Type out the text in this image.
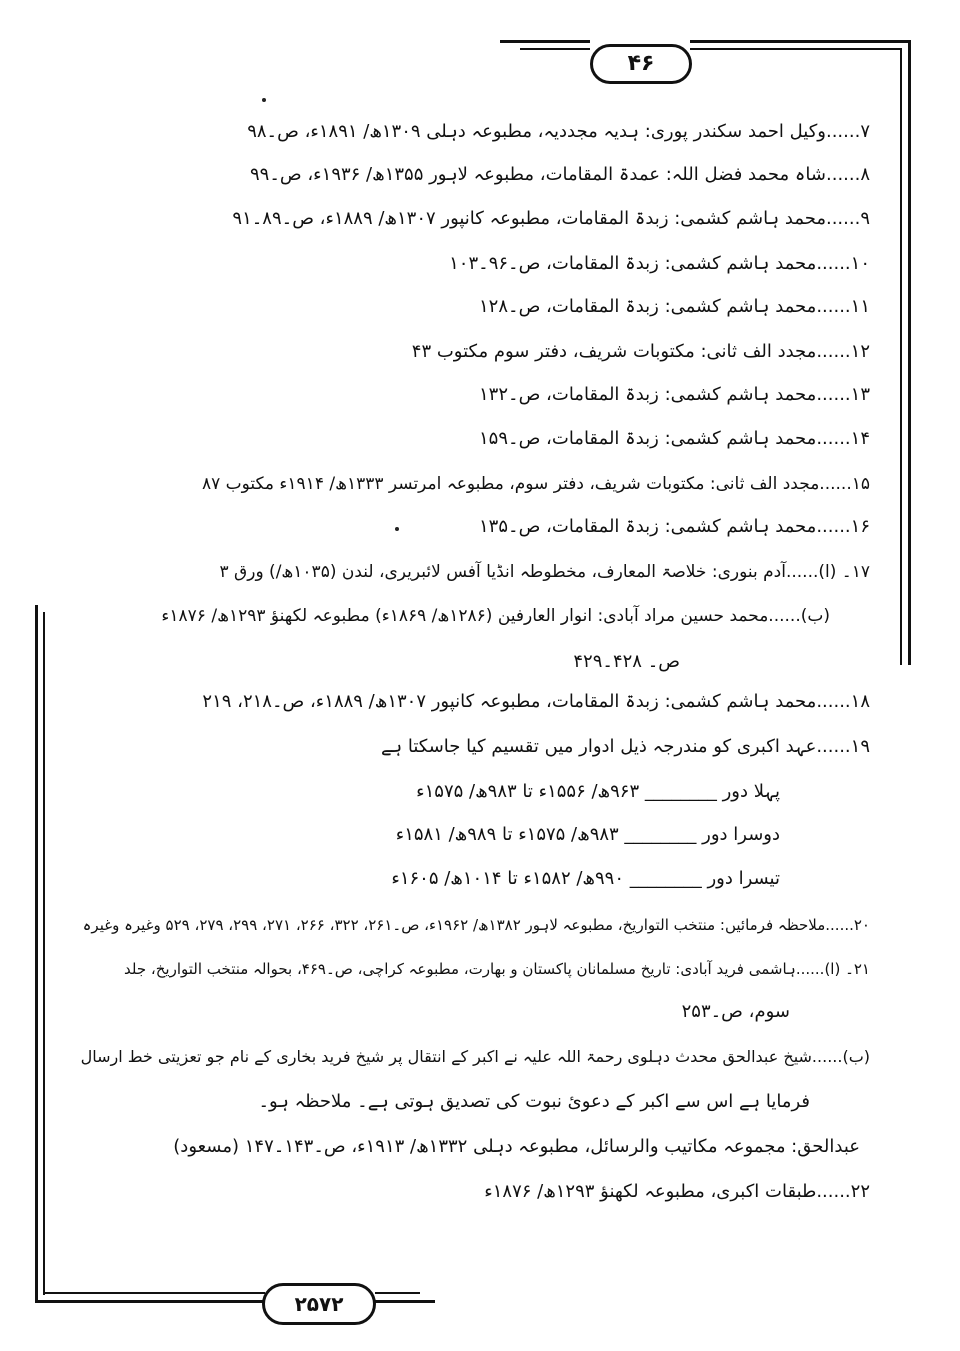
۴۶
۲۵۷۲
۷......وکیل احمد سکندر پوری: ہدیہ مجددیہ، مطبوعہ دہلی ۱۳۰۹ھ/ ۱۸۹۱ء، ص۔۹۸
۸......شاہ محمد فضل اللہ: عمدۃ المقامات، مطبوعہ لاہور ۱۳۵۵ھ/ ۱۹۳۶ء، ص۔۹۹
۹......محمد ہاشم کشمی: زبدۃ المقامات، مطبوعہ کانپور ۱۳۰۷ھ/ ۱۸۸۹ء، ص۔۸۹۔۹۱
۱۰......محمد ہاشم کشمی: زبدۃ المقامات، ص۔۹۶۔۱۰۳
۱۱......محمد ہاشم کشمی: زبدۃ المقامات، ص۔۱۲۸
۱۲......مجدد الف ثانی: مکتوبات شریف، دفتر سوم مکتوب ۴۳
۱۳......محمد ہاشم کشمی: زبدۃ المقامات، ص۔۱۳۲
۱۴......محمد ہاشم کشمی: زبدۃ المقامات، ص۔۱۵۹
۱۵......مجدد الف ثانی: مکتوبات شریف، دفتر سوم، مطبوعہ امرتسر ۱۳۳۳ھ/ ۱۹۱۴ء مکتوب ۸۷
۱۶......محمد ہاشم کشمی: زبدۃ المقامات، ص۔۱۳۵
۱۷۔ (ا)......آدم بنوری: خلاصۃ المعارف، مخطوطہ انڈیا آفس لائبریری، لندن (۱۰۳۵ھ/) ورق ۳
(ب)......محمد حسین مراد آبادی: انوار العارفین (۱۲۸۶ھ/ ۱۸۶۹ء) مطبوعہ لکھنؤ ۱۲۹۳ھ/ ۱۸۷۶ء
ص۔ ۴۲۸۔۴۲۹
۱۸......محمد ہاشم کشمی: زبدۃ المقامات، مطبوعہ کانپور ۱۳۰۷ھ/ ۱۸۸۹ء، ص۔۲۱۸، ۲۱۹
۱۹......عہد اکبری کو مندرجہ ذیل ادوار میں تقسیم کیا جاسکتا ہے
پہلا دور ________ ۹۶۳ھ/ ۱۵۵۶ء تا ۹۸۳ھ/ ۱۵۷۵ء
دوسرا دور ________ ۹۸۳ھ/ ۱۵۷۵ء تا ۹۸۹ھ/ ۱۵۸۱ء
تیسرا دور ________ ۹۹۰ھ/ ۱۵۸۲ء تا ۱۰۱۴ھ/ ۱۶۰۵ء
۲۰......ملاحظہ فرمائیں: منتخب التواریخ، مطبوعہ لاہور ۱۳۸۲ھ/ ۱۹۶۲ء، ص۔۲۶۱، ۳۲۲، ۲۶۶، ۲۷۱، ۲۹۹، ۲۷۹، ۵۲۹ وغیرہ وغیرہ
۲۱۔ (ا)......ہاشمی فرید آبادی: تاریخ مسلمانان پاکستان و بھارت، مطبوعہ کراچی، ص۔۴۶۹، بحوالہ منتخب التواریخ، جلد
سوم، ص۔۲۵۳
(ب)......شیخ عبدالحق محدث دہلوی رحمۃ اللہ علیہ نے اکبر کے انتقال پر شیخ فرید بخاری کے نام جو تعزیتی خط ارسال
فرمایا ہے اس سے اکبر کے دعویٔ نبوت کی تصدیق ہوتی ہے۔ ملاحظہ ہو۔
عبدالحق: مجموعہ مکاتیب والرسائل، مطبوعہ دہلی ۱۳۳۲ھ/ ۱۹۱۳ء، ص۔۱۴۳۔۱۴۷ (مسعود)
۲۲......طبقات اکبری، مطبوعہ لکھنؤ ۱۲۹۳ھ/ ۱۸۷۶ء
